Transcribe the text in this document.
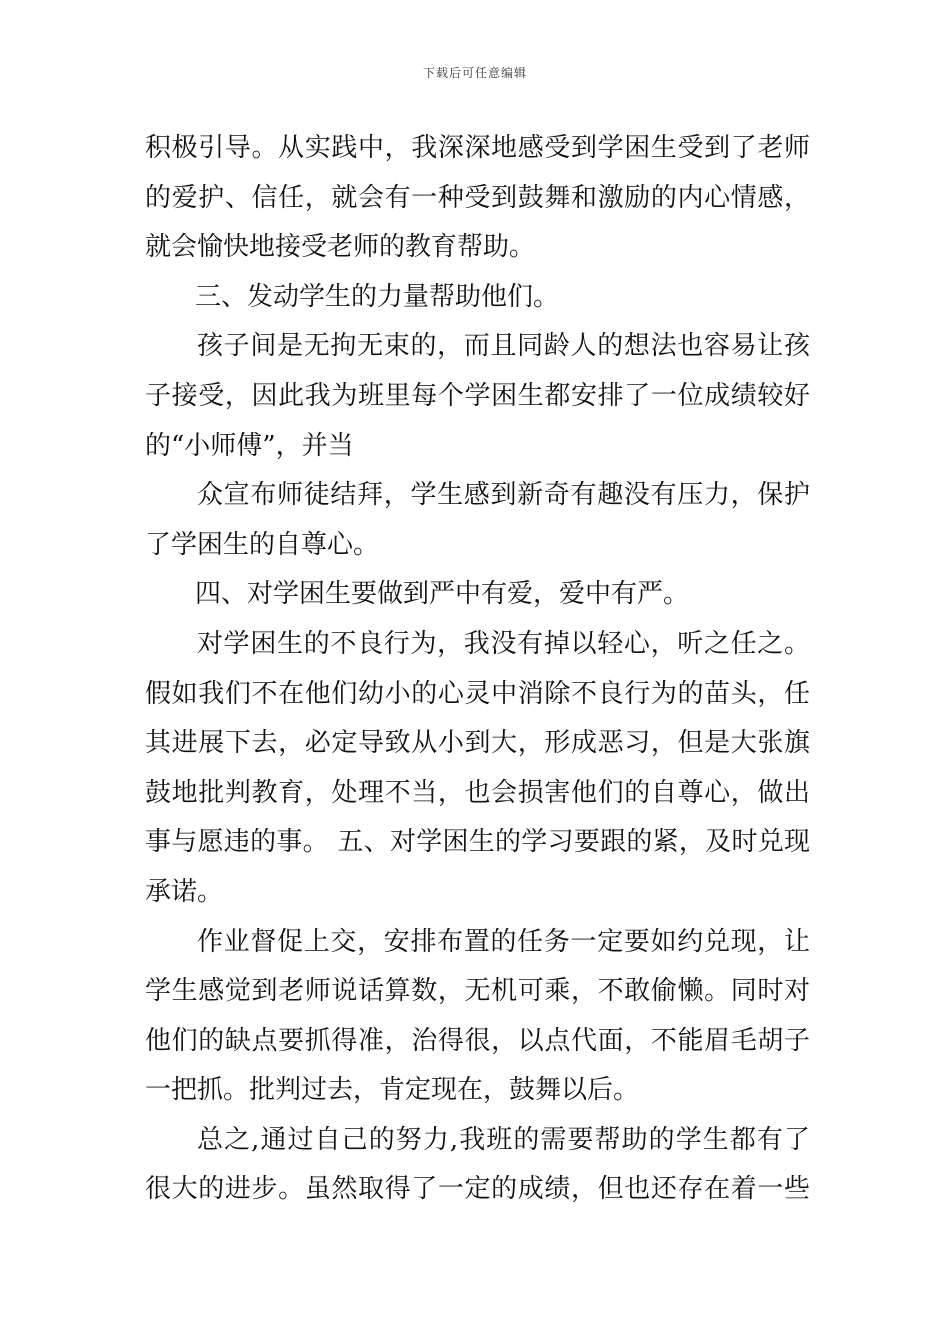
下载后可任意编辑
积极引导。从实践中，我深深地感受到学困生受到了老师
的爱护、信任，就会有一种受到鼓舞和激励的内心情感，
就会愉快地接受老师的教育帮助。
三、发动学生的力量帮助他们。
孩子间是无拘无束的，而且同龄人的想法也容易让孩
子接受，因此我为班里每个学困生都安排了一位成绩较好
的“小师傅”，并当
众宣布师徒结拜，学生感到新奇有趣没有压力，保护
了学困生的自尊心。
四、对学困生要做到严中有爱，爱中有严。
对学困生的不良行为，我没有掉以轻心，听之任之。
假如我们不在他们幼小的心灵中消除不良行为的苗头，任
其进展下去，必定导致从小到大，形成恶习，但是大张旗
鼓地批判教育，处理不当，也会损害他们的自尊心，做出
事与愿违的事。 五、对学困生的学习要跟的紧，及时兑现
承诺。
作业督促上交，安排布置的任务一定要如约兑现，让
学生感觉到老师说话算数，无机可乘，不敢偷懒。同时对
他们的缺点要抓得准，治得很，以点代面，不能眉毛胡子
一把抓。批判过去，肯定现在，鼓舞以后。
总之,通过自己的努力,我班的需要帮助的学生都有了
很大的进步。虽然取得了一定的成绩，但也还存在着一些
